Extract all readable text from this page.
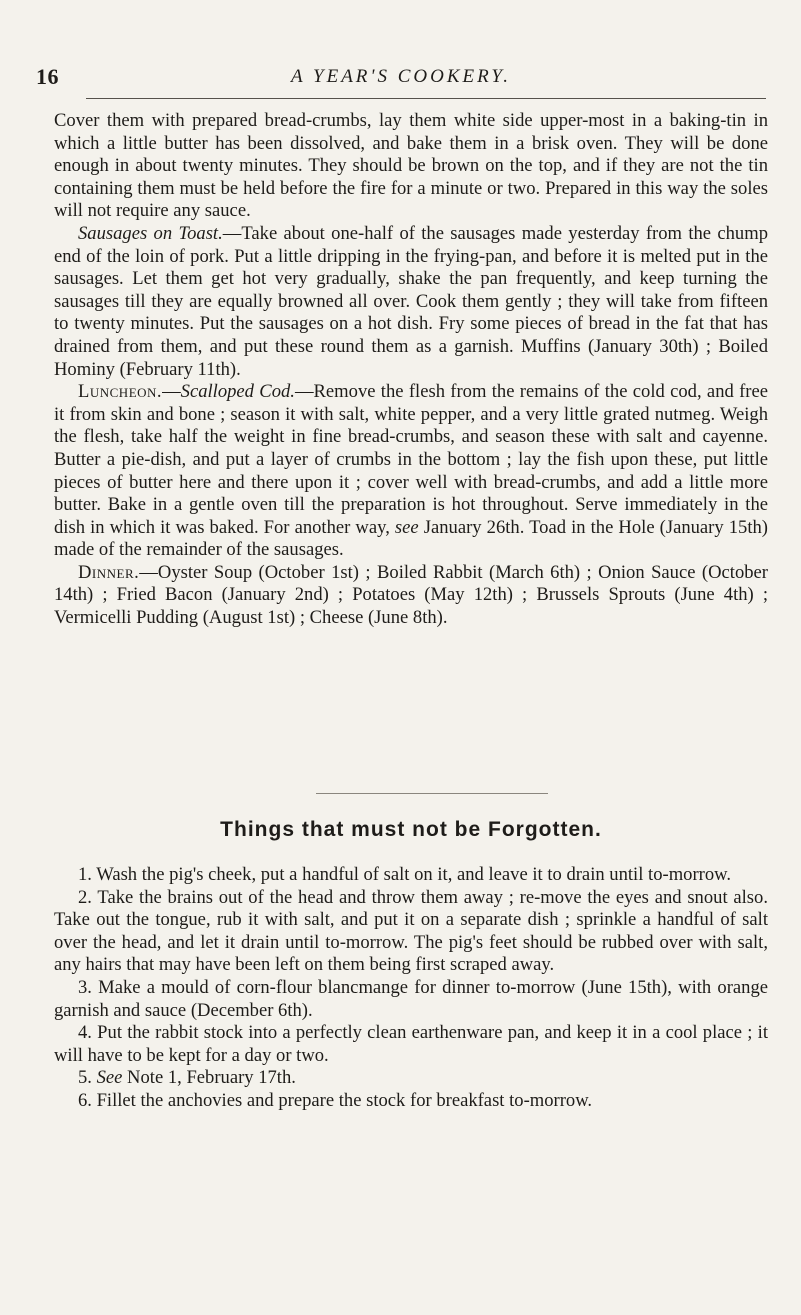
16	A YEAR'S COOKERY.

Cover them with prepared bread-crumbs, lay them white side upper-most in a baking-tin in which a little butter has been dissolved, and bake them in a brisk oven. They will be done enough in about twenty minutes. They should be brown on the top, and if they are not the tin containing them must be held before the fire for a minute or two. Prepared in this way the soles will not require any sauce.

Sausages on Toast.—Take about one-half of the sausages made yesterday from the chump end of the loin of pork. Put a little dripping in the frying-pan, and before it is melted put in the sausages. Let them get hot very gradually, shake the pan frequently, and keep turning the sausages till they are equally browned all over. Cook them gently ; they will take from fifteen to twenty minutes. Put the sausages on a hot dish. Fry some pieces of bread in the fat that has drained from them, and put these round them as a garnish. Muffins (January 30th) ; Boiled Hominy (February 11th).

Luncheon.—Scalloped Cod.—Remove the flesh from the remains of the cold cod, and free it from skin and bone ; season it with salt, white pepper, and a very little grated nutmeg. Weigh the flesh, take half the weight in fine bread-crumbs, and season these with salt and cayenne. Butter a pie-dish, and put a layer of crumbs in the bottom ; lay the fish upon these, put little pieces of butter here and there upon it ; cover well with bread-crumbs, and add a little more butter. Bake in a gentle oven till the preparation is hot throughout. Serve immediately in the dish in which it was baked. For another way, see January 26th. Toad in the Hole (January 15th) made of the remainder of the sausages.

Dinner.—Oyster Soup (October 1st) ; Boiled Rabbit (March 6th) ; Onion Sauce (October 14th) ; Fried Bacon (January 2nd) ; Potatoes (May 12th) ; Brussels Sprouts (June 4th) ; Vermicelli Pudding (August 1st) ; Cheese (June 8th).

Things that must not be Forgotten.

1. Wash the pig's cheek, put a handful of salt on it, and leave it to drain until to-morrow.

2. Take the brains out of the head and throw them away ; re-move the eyes and snout also. Take out the tongue, rub it with salt, and put it on a separate dish ; sprinkle a handful of salt over the head, and let it drain until to-morrow. The pig's feet should be rubbed over with salt, any hairs that may have been left on them being first scraped away.

3. Make a mould of corn-flour blancmange for dinner to-morrow (June 15th), with orange garnish and sauce (December 6th).

4. Put the rabbit stock into a perfectly clean earthenware pan, and keep it in a cool place ; it will have to be kept for a day or two.

5. See Note 1, February 17th.

6. Fillet the anchovies and prepare the stock for breakfast to-morrow.
